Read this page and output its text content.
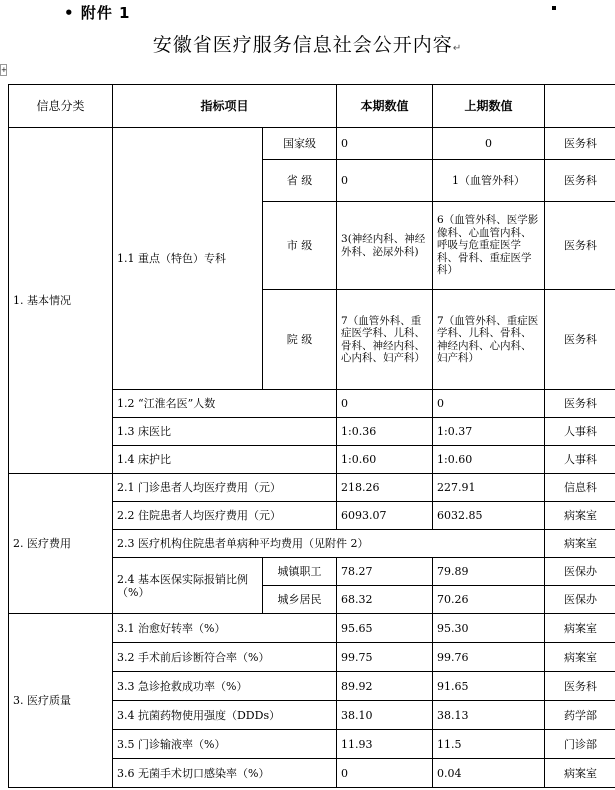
• 附件 1
安徽省医疗服务信息社会公开内容↵
+
信息分类	指标项目		本期数值	上期数值	
1. 基本情况	1.1 重点（特色）专科	国家级	0	0	医务科
		省 级	0	1（血管外科）	医务科
		市 级	3(神经内科、神经外科、泌尿外科)	6（血管外科、医学影像科、心血管内科、呼吸与危重症医学科、骨科、重症医学科）	医务科
		院 级	7（血管外科、重症医学科、儿科、骨科、神经内科、心内科、妇产科）	7（血管外科、重症医学科、儿科、骨科、神经内科、心内科、妇产科）	医务科
	1.2 “江淮名医”人数		0	0	医务科
	1.3 床医比		1:0.36	1:0.37	人事科
	1.4 床护比		1:0.60	1:0.60	人事科
2. 医疗费用	2.1 门诊患者人均医疗费用（元）		218.26	227.91	信息科
	2.2 住院患者人均医疗费用（元）		6093.07	6032.85	病案室
	2.3 医疗机构住院患者单病种平均费用（见附件 2）				病案室
	2.4 基本医保实际报销比例（%）	城镇职工	78.27	79.89	医保办
		城乡居民	68.32	70.26	医保办
3. 医疗质量	3.1 治愈好转率（%）		95.65	95.30	病案室
	3.2 手术前后诊断符合率（%）		99.75	99.76	病案室
	3.3 急诊抢救成功率（%）		89.92	91.65	医务科
	3.4 抗菌药物使用强度（DDDs）		38.10	38.13	药学部
	3.5 门诊输液率（%）		11.93	11.5	门诊部
	3.6 无菌手术切口感染率（%）		0	0.04	病案室
